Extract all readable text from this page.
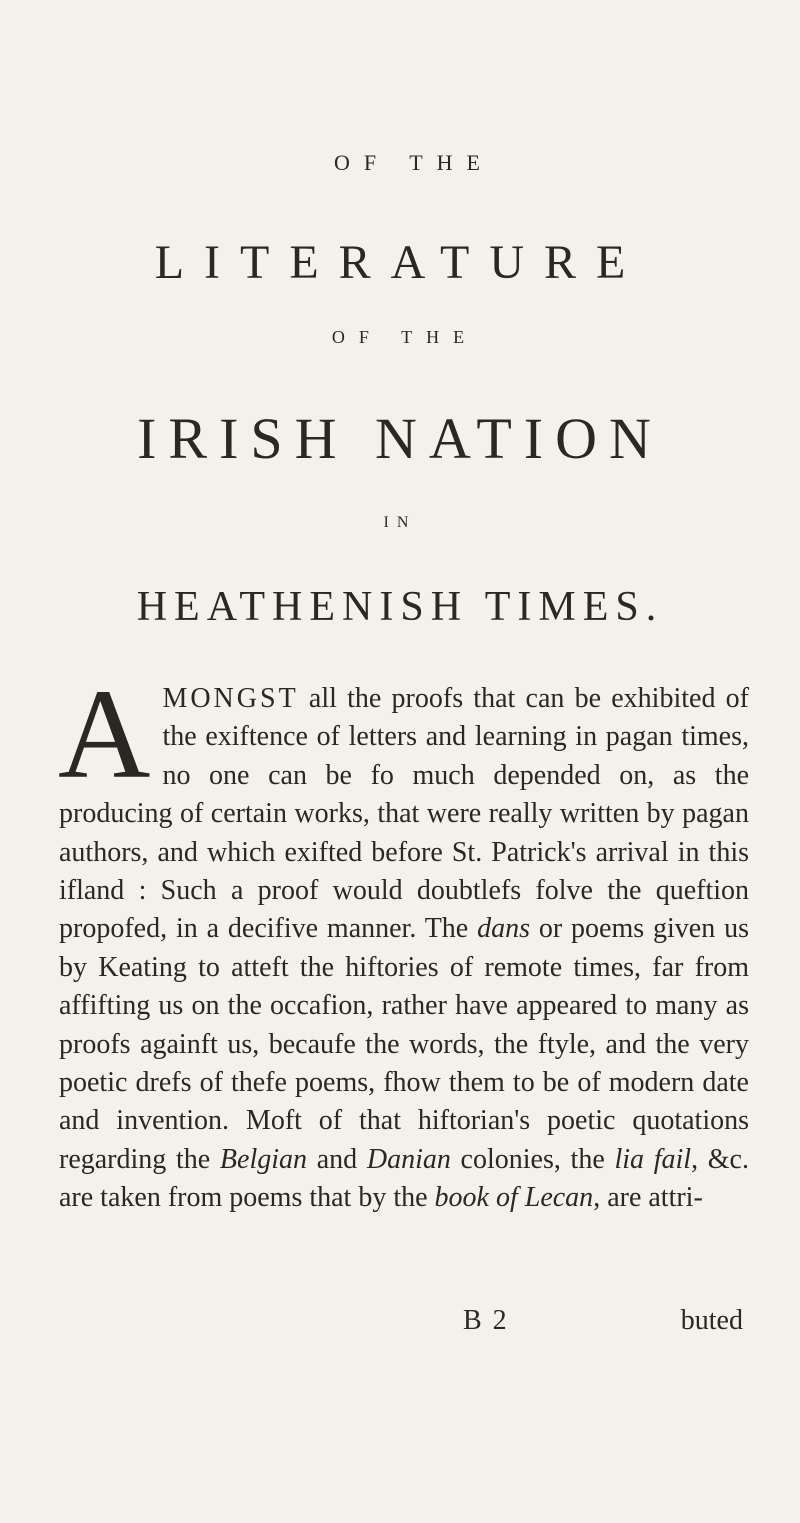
OF THE
LITERATURE
OF THE
IRISH NATION
IN
HEATHENISH TIMES.
AMONGST all the proofs that can be exhibited of the exiftence of letters and learning in pagan times, no one can be fo much depended on, as the producing of certain works, that were really written by pagan authors, and which exifted before St. Patrick's arrival in this ifland : Such a proof would doubtlefs folve the queftion propofed, in a decifive manner. The dans or poems given us by Keating to atteft the hiftories of remote times, far from affifting us on the occafion, rather have appeared to many as proofs againft us, becaufe the words, the ftyle, and the very poetic drefs of thefe poems, fhow them to be of modern date and invention. Moft of that hiftorian's poetic quotations regarding the Belgian and Danian colonies, the lia fail, &c. are taken from poems that by the book of Lecan, are attri-
B 2	buted
